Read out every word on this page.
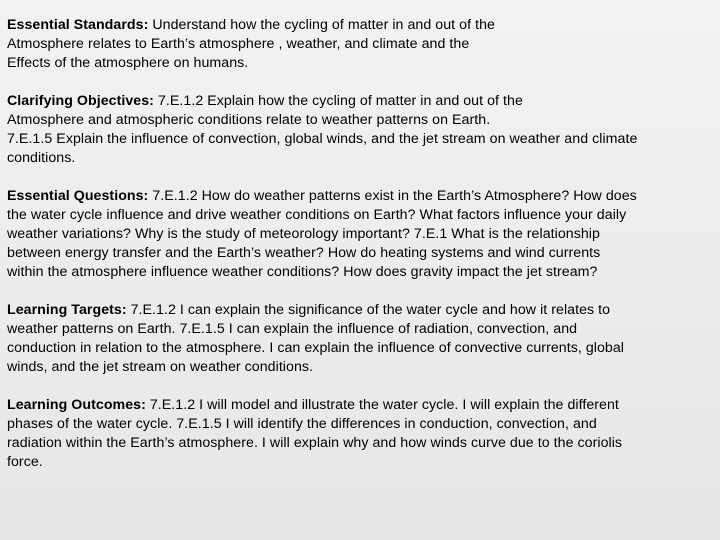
Essential Standards: Understand how the cycling of matter in and out of the
Atmosphere relates to Earth’s atmosphere , weather, and climate and the
Effects of the atmosphere on humans.
Clarifying Objectives: 7.E.1.2 Explain how the cycling of matter in and out of the
Atmosphere and atmospheric conditions relate to weather patterns on Earth.
7.E.1.5 Explain the influence of convection, global winds, and the jet stream on weather and climate
conditions.
Essential Questions: 7.E.1.2 How do weather patterns exist in the Earth’s Atmosphere? How does
the water cycle influence and drive weather conditions on Earth? What factors influence your daily
weather variations? Why is the study of meteorology important? 7.E.1 What is the relationship
between energy transfer and the Earth’s weather? How do heating systems and wind currents
within the atmosphere influence weather conditions? How does gravity impact the jet stream?
Learning Targets: 7.E.1.2 I can explain the significance of the water cycle and how it relates to
weather patterns on Earth. 7.E.1.5 I can explain the influence of radiation, convection, and
conduction in relation to the atmosphere. I can explain the influence of convective currents, global
winds, and the jet stream on weather conditions.
Learning Outcomes: 7.E.1.2 I will model and illustrate the water cycle. I will explain the different
phases of the water cycle. 7.E.1.5 I will identify the differences in conduction, convection, and
radiation within the Earth’s atmosphere. I will explain why and how winds curve due to the coriolis
force.
